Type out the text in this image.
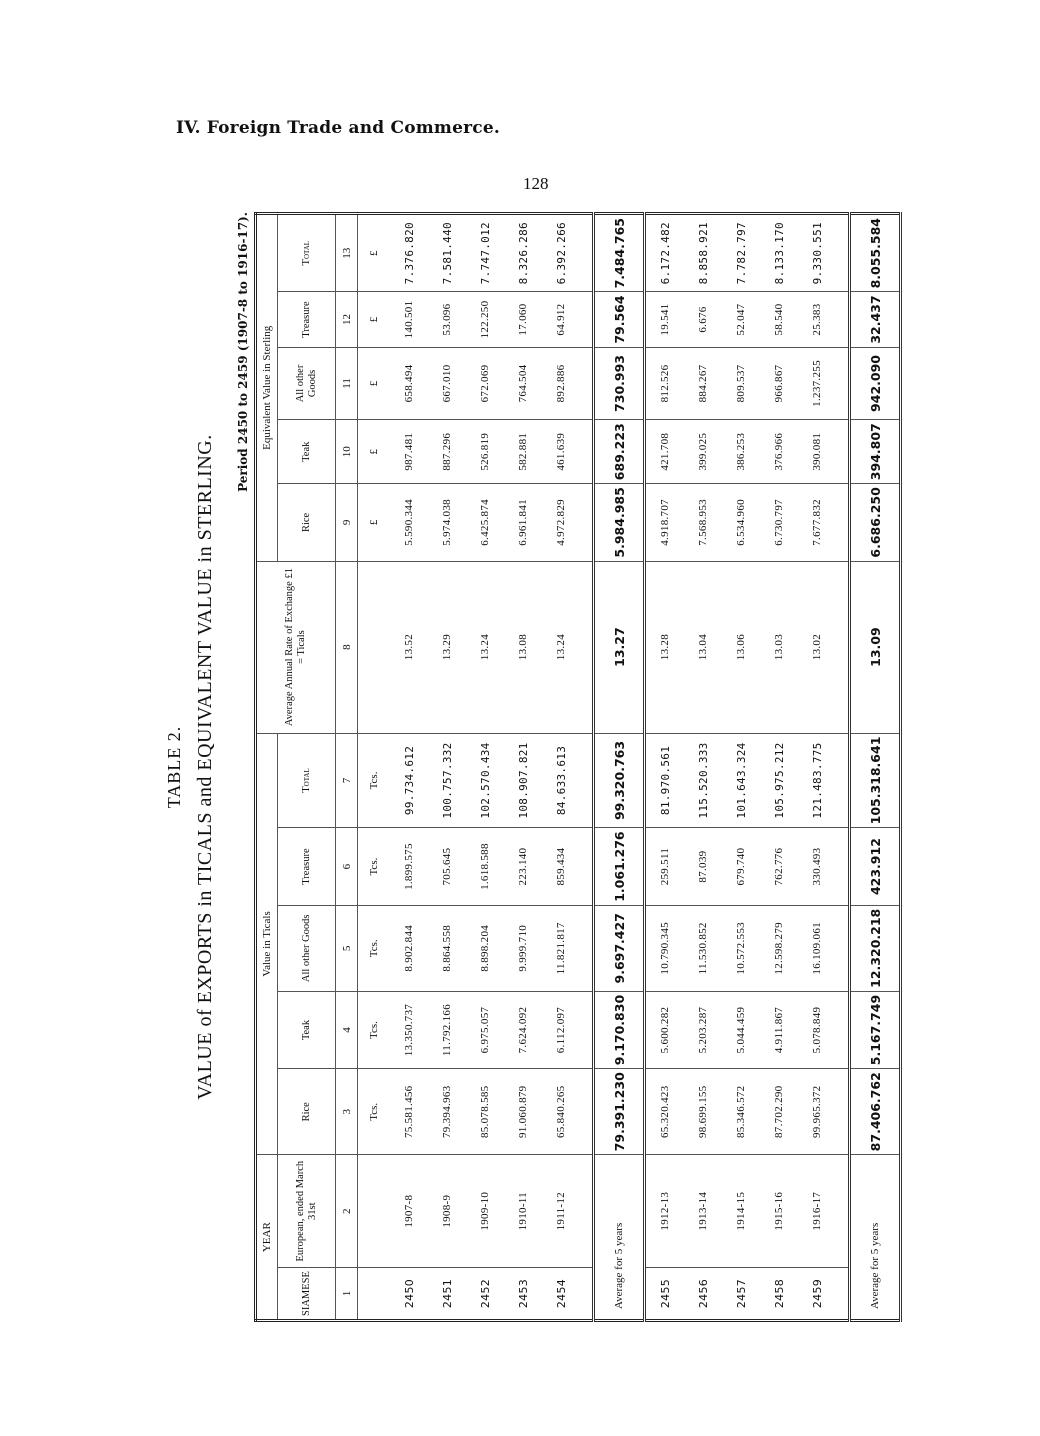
IV. Foreign Trade and Commerce.
128
TABLE 2. VALUE of EXPORTS in TICALS and EQUIVALENT VALUE in STERLING.
Period 2450 to 2459 (1907-8 to 1916-17).
YEAR		Value in Ticals					Average Annual Rate of Exchange £1 = Ticals	Equivalent Value in Sterling				
SIAMESE	European, ended March 31st	Rice	Teak	All other Goods	Treasure	Total		Rice	Teak	All other Goods	Treasure	Total
1	2	3	4	5	6	7	8	9	10	11	12	13
		Tcs.	Tcs.	Tcs.	Tcs.	Tcs.		£	£	£	£	£
2450	1907-8	75.581.456	13.350.737	8.902.844	1.899.575	99.734.612	13.52	5.590.344	987.481	658.494	140.501	7.376.820
2451	1908-9	79.394.963	11.792.166	8.864.558	705.645	100.757.332	13.29	5.974.038	887.296	667.010	53.096	7.581.440
2452	1909-10	85.078.585	6.975.057	8.898.204	1.618.588	102.570.434	13.24	6.425.874	526.819	672.069	122.250	7.747.012
2453	1910-11	91.060.879	7.624.092	9.999.710	223.140	108.907.821	13.08	6.961.841	582.881	764.504	17.060	8.326.286
2454	1911-12	65.840.265	6.112.097	11.821.817	859.434	84.633.613	13.24	4.972.829	461.639	892.886	64.912	6.392.266

Average for 5 years		79.391.230	9.170.830	9.697.427	1.061.276	99.320.763	13.27	5.984.985	689.223	730.993	79.564	7.484.765
2455	1912-13	65.320.423	5.600.282	10.790.345	259.511	81.970.561	13.28	4.918.707	421.708	812.526	19.541	6.172.482
2456	1913-14	98.699.155	5.203.287	11.530.852	87.039	115.520.333	13.04	7.568.953	399.025	884.267	6.676	8.858.921
2457	1914-15	85.346.572	5.044.459	10.572.553	679.740	101.643.324	13.06	6.534.960	386.253	809.537	52.047	7.782.797
2458	1915-16	87.702.290	4.911.867	12.598.279	762.776	105.975.212	13.03	6.730.797	376.966	966.867	58.540	8.133.170
2459	1916-17	99.965.372	5.078.849	16.109.061	330.493	121.483.775	13.02	7.677.832	390.081	1.237.255	25.383	9.330.551

Average for 5 years		87.406.762	5.167.749	12.320.218	423.912	105.318.641	13.09	6.686.250	394.807	942.090	32.437	8.055.584
